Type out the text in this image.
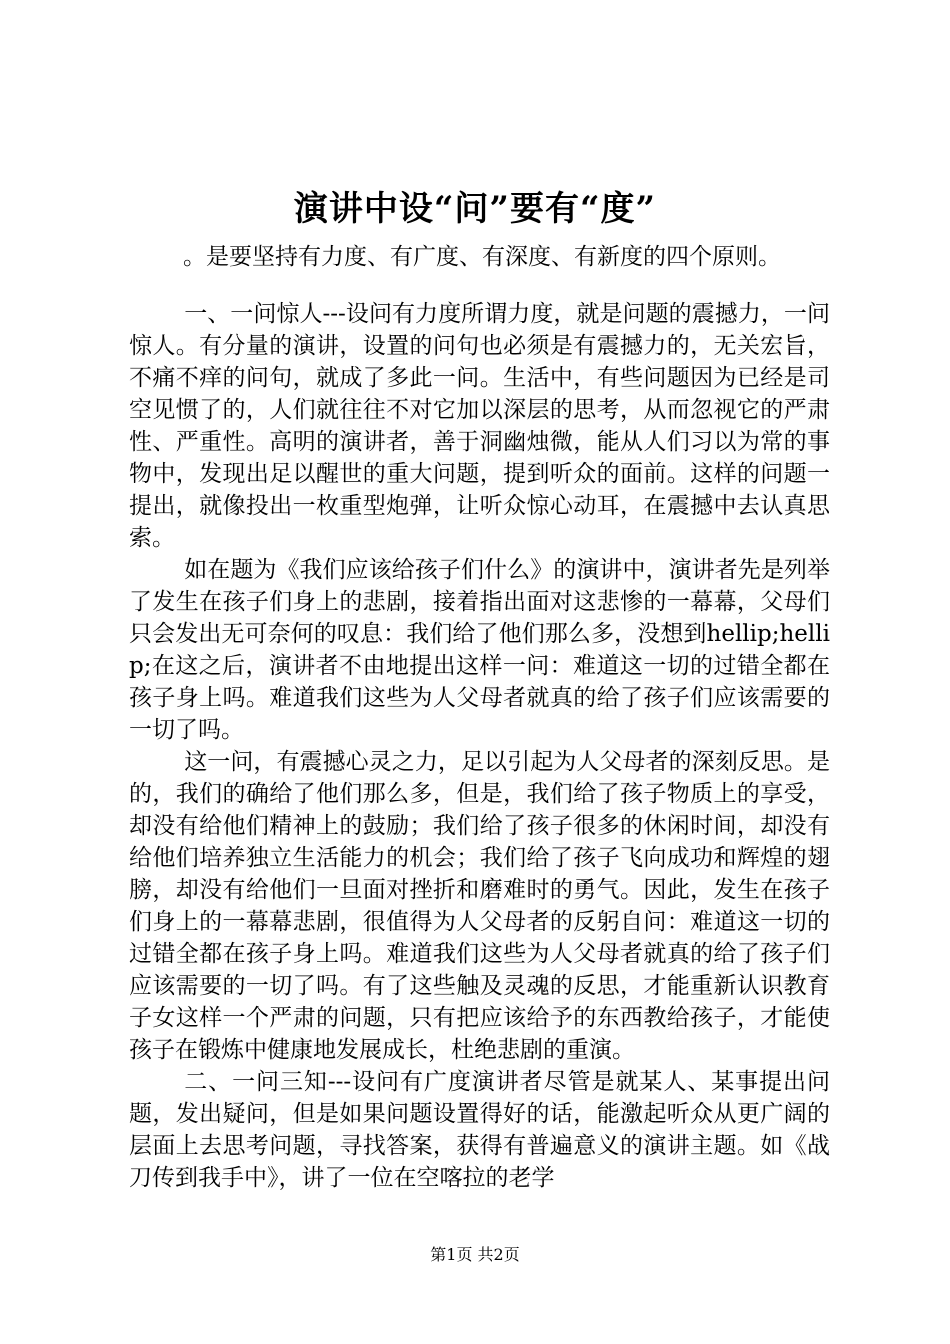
演讲中设“问”要有“度”
。是要坚持有力度、有广度、有深度、有新度的四个原则。

一、一问惊人---设问有力度所谓力度，就是问题的震撼力，一问惊人。有分量的演讲，设置的问句也必须是有震撼力的，无关宏旨，不痛不痒的问句，就成了多此一问。生活中，有些问题因为已经是司空见惯了的，人们就往往不对它加以深层的思考，从而忽视它的严肃性、严重性。高明的演讲者，善于洞幽烛微，能从人们习以为常的事物中，发现出足以醒世的重大问题，提到听众的面前。这样的问题一提出，就像投出一枚重型炮弹，让听众惊心动耳，在震撼中去认真思索。

如在题为《我们应该给孩子们什么》的演讲中，演讲者先是列举了发生在孩子们身上的悲剧，接着指出面对这悲惨的一幕幕，父母们只会发出无可奈何的叹息：我们给了他们那么多，没想到hellip;hellip;在这之后，演讲者不由地提出这样一问：难道这一切的过错全都在孩子身上吗。难道我们这些为人父母者就真的给了孩子们应该需要的一切了吗。

这一问，有震撼心灵之力，足以引起为人父母者的深刻反思。是的，我们的确给了他们那么多，但是，我们给了孩子物质上的享受，却没有给他们精神上的鼓励；我们给了孩子很多的休闲时间，却没有给他们培养独立生活能力的机会；我们给了孩子飞向成功和辉煌的翅膀，却没有给他们一旦面对挫折和磨难时的勇气。因此，发生在孩子们身上的一幕幕悲剧，很值得为人父母者的反躬自问：难道这一切的过错全都在孩子身上吗。难道我们这些为人父母者就真的给了孩子们应该需要的一切了吗。有了这些触及灵魂的反思，才能重新认识教育子女这样一个严肃的问题，只有把应该给予的东西教给孩子，才能使孩子在锻炼中健康地发展成长，杜绝悲剧的重演。

二、一问三知---设问有广度演讲者尽管是就某人、某事提出问题，发出疑问，但是如果问题设置得好的话，能激起听众从更广阔的层面上去思考问题，寻找答案，获得有普遍意义的演讲主题。如《战刀传到我手中》，讲了一位在空喀拉的老学

第1页 共2页
